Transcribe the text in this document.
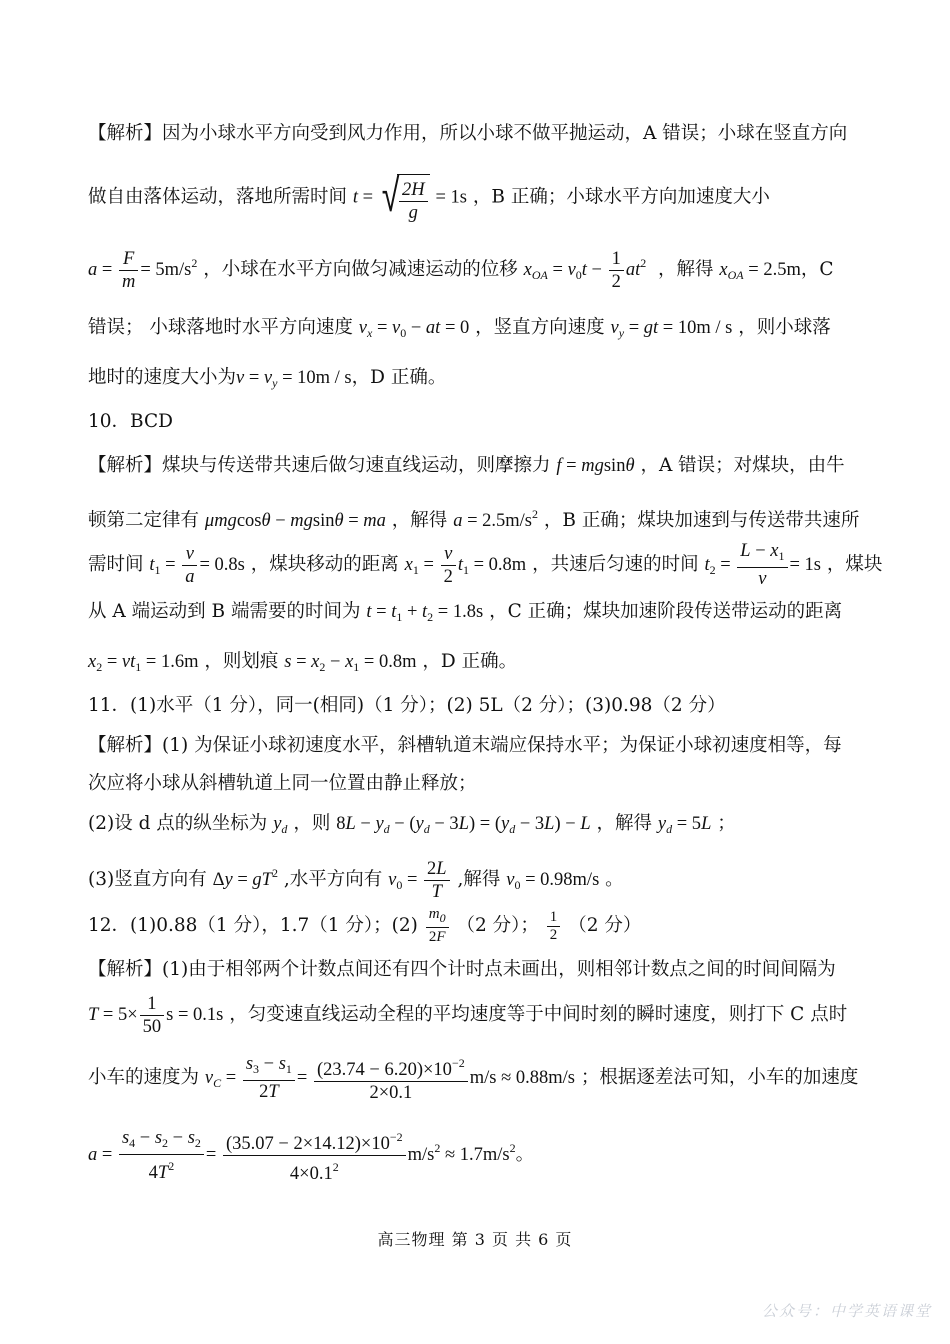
【解析】因为小球水平方向受到风力作用，所以小球不做平抛运动，A 错误；小球在竖直方向
做自由落体运动，落地所需时间 t = √ $\frac{2H}{g} = 1s$ ，B 正确；小球水平方向加速度大小
$a = \frac{F}{m} = 5m/s^2$ ，小球在水平方向做匀减速运动的位移 $x_{OA} = v_0t - \frac{1}{2} at^2$ ，解得 $x_{OA} = 2.5m$，C
错误； 小球落地时水平方向速度 $v_x = v_0$ − at = 0 ，竖直方向速度 $v_y$ = gt = 10m / s ，则小球落
地时的速度大小为$v = v_y = 10m / s$，D 正确。
10．BCD
【解析】煤块与传送带共速后做匀速直线运动，则摩擦力 f = mgsinθ ，A 错误；对煤块，由牛
顿第二定律有 μmgcosθ − mgsinθ = ma ，解得 $a = 2.5m/s^2$ ，B 正确；煤块加速到与传送带共速所
需时间 $t_1 = \frac{v}{a} = 0.8s$ ，煤块移动的距离 $x_1 = \frac{v}{2} t_1 = 0.8m$ ，共速后匀速的时间 $t_2 = \frac{L - x_1}{v} = 1s$ ，煤块
从 A 端运动到 B 端需要的时间为 $t = t_1 + t_2 = 1.8s$ ，C 正确；煤块加速阶段传送带运动的距离
$x_2 = vt_1 = 1.6m$ ，则划痕 $s = x_2 - x_1 = 0.8m$ ，D 正确。
11．(1)水平（1 分），同一(相同)（1 分）；(2) 5L（2 分）；(3)0.98（2 分）
【解析】(1) 为保证小球初速度水平，斜槽轨道末端应保持水平；为保证小球初速度相等，每
次应将小球从斜槽轨道上同一位置由静止释放；
(2)设 d 点的纵坐标为 $y_d$ ，则 $8L - y_d - (y_d - 3L) = (y_d - 3L) - L$ ，解得 $y_d = 5L$ ；
(3)竖直方向有 $\Delta y = gT^2$ ,水平方向有 $v_0 = \frac{2L}{T}$ ,解得 $v_0 = 0.98m/s$ 。
12．(1)0.88（1 分），1.7（1 分）；$(2) \frac{m_0}{2F} (2$ 分）； $\frac{1}{2} (2$ 分）
【解析】(1)由于相邻两个计数点间还有四个计时点未画出，则相邻计数点之间的时间间隔为
$T = 5\times \frac{1}{50}$ s = 0.1s ，匀变速直线运动全程的平均速度等于中间时刻的瞬时速度，则打下 C 点时
小车的速度为 $v_C = \frac{s_3 - s_1}{2T} = \frac{(23.74 - 6.20)\times 10^{-2}}{2\times 0.1} m/s \approx 0.88m/s$ ；根据逐差法可知，小车的加速度
$a = \frac{s_4 - s_2 - s_2}{4T^2} = \frac{(35.07 - 2\times 14.12)\times 10^{-2}}{4\times 0.1^2} m/s^2 \approx 1.7m/s^2$。
高三物理 第 3 页 共 6 页
公众号：中学英语课堂
